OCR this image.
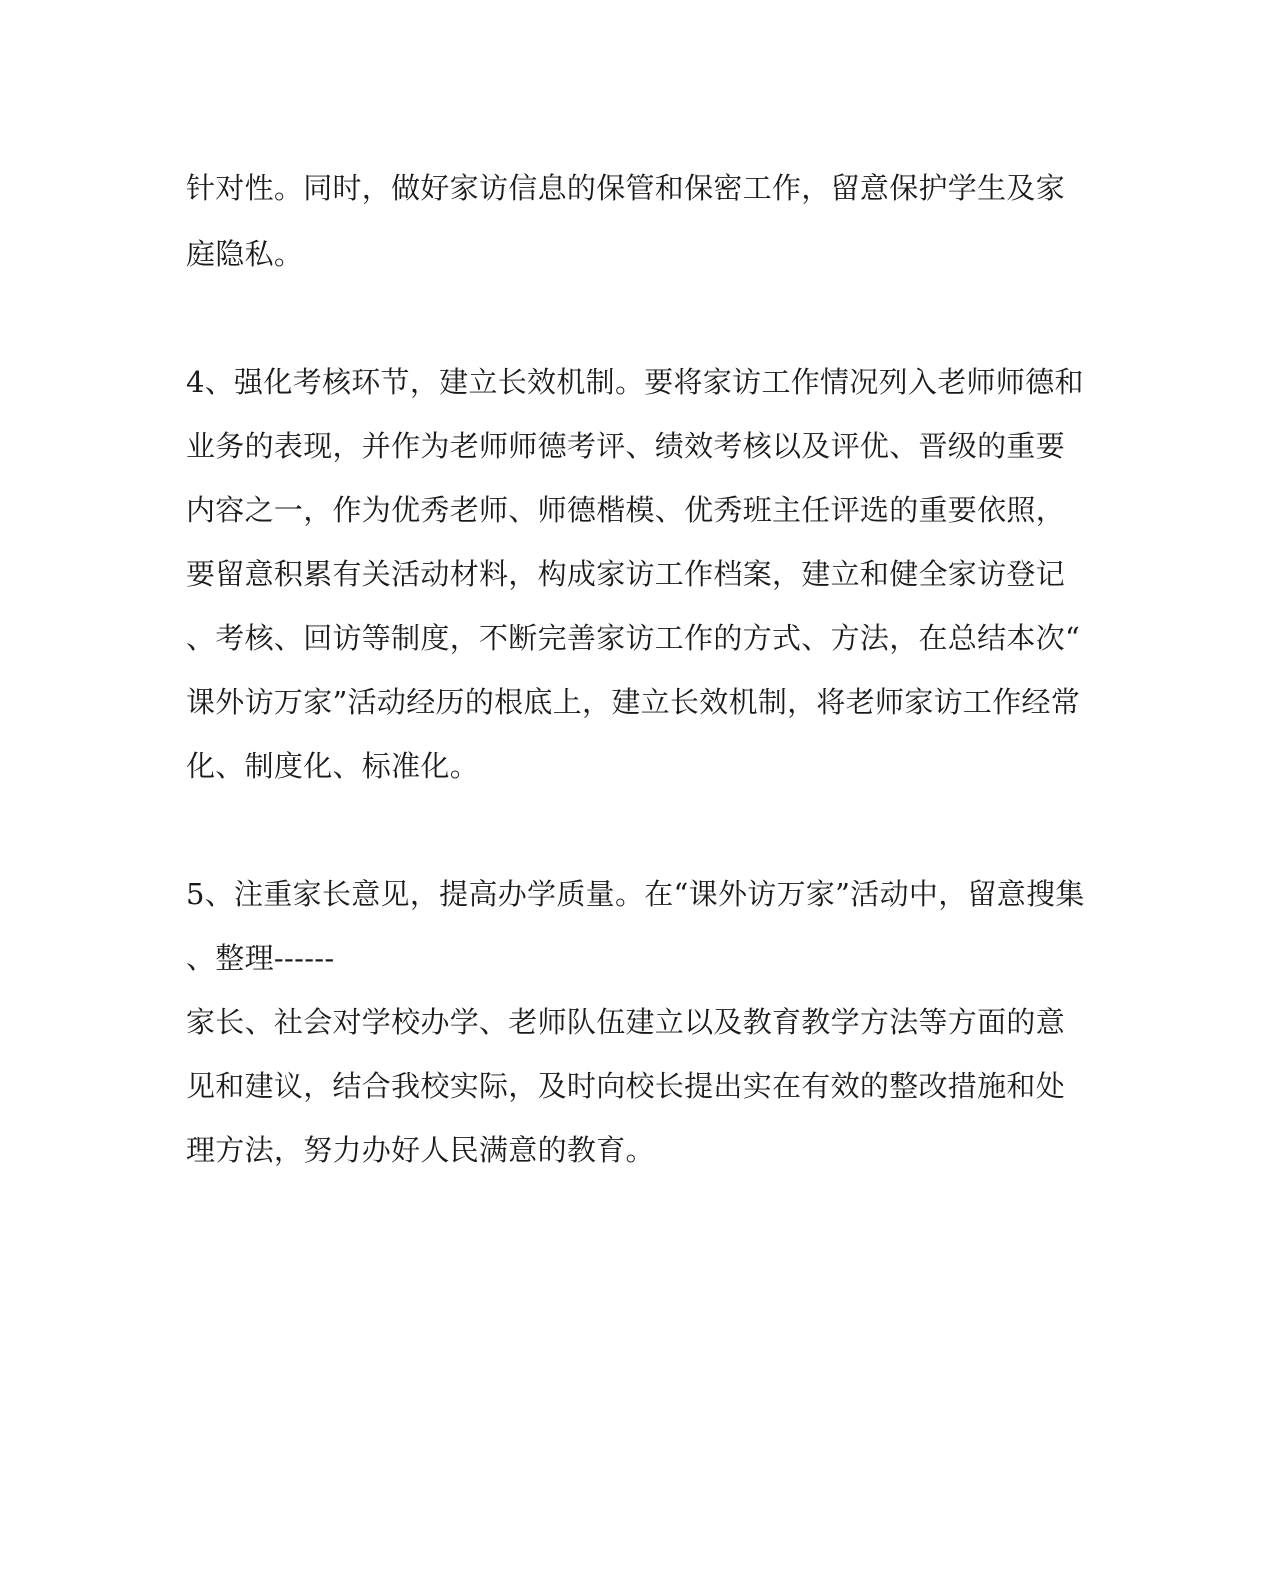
针对性。同时，做好家访信息的保管和保密工作，留意保护学生及家
庭隐私。
4、强化考核环节，建立长效机制。要将家访工作情况列入老师师德和
业务的表现，并作为老师师德考评、绩效考核以及评优、晋级的重要
内容之一，作为优秀老师、师德楷模、优秀班主任评选的重要依照，
要留意积累有关活动材料，构成家访工作档案，建立和健全家访登记
、考核、回访等制度，不断完善家访工作的方式、方法，在总结本次“
课外访万家”活动经历的根底上，建立长效机制，将老师家访工作经常
化、制度化、标准化。
5、注重家长意见，提高办学质量。在“课外访万家”活动中，留意搜集
、整理------
家长、社会对学校办学、老师队伍建立以及教育教学方法等方面的意
见和建议，结合我校实际，及时向校长提出实在有效的整改措施和处
理方法，努力办好人民满意的教育。
